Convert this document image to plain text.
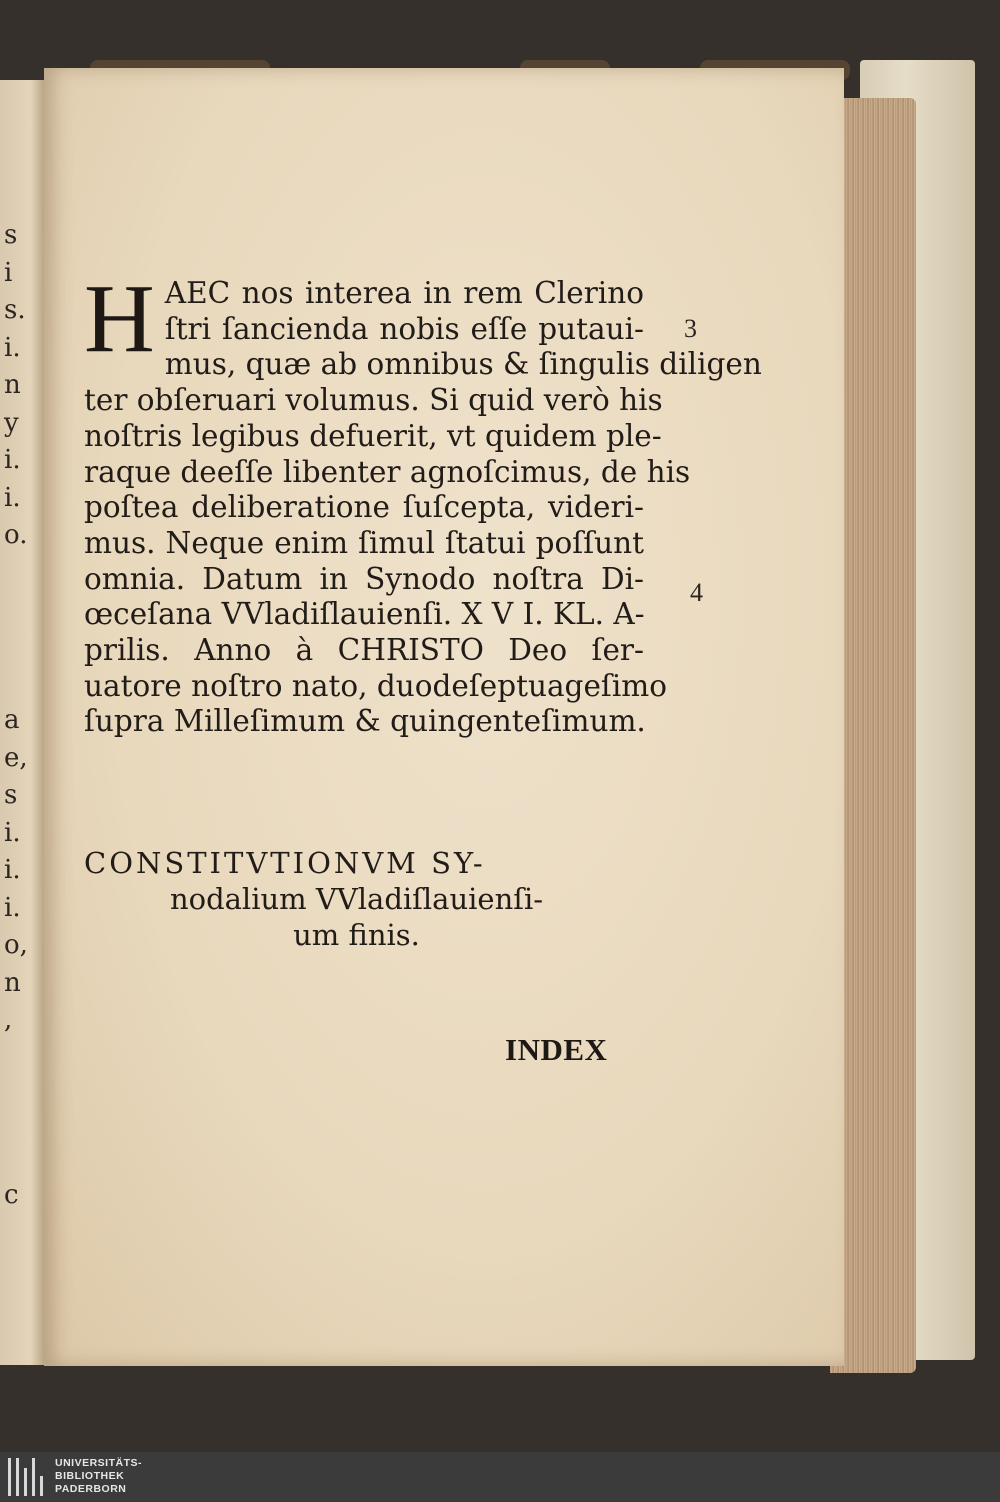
s
i
s.
i.
n
y
i.
i.
o.
a
e,
s
i.
i.
i.
o,
n
,
c

H AEC nos interea in rem Clerino
ſtri ſancienda nobis eſſe putaui-
mus, quæ ab omnibus & ſingulis diligen
ter obſeruari volumus. Si quid verò his
noſtris legibus defuerit, vt quidem ple-
raque deeſſe libenter agnoſcimus, de his
poſtea deliberatione ſuſcepta, videri-
mus. Neque enim ſimul ſtatui poſſunt
omnia. Datum in Synodo noſtra Di-
œceſana VVladiſlauienſi. X V I. KL. A-
prilis. Anno à CHRISTO Deo ſer-
uatore noſtro nato, duodeſeptuageſimo
ſupra Milleſimum & quingenteſimum.
3
4
CONSTITVTIONVM SY-
nodalium VVladiſlauienſi-
um finis.
INDEX
UNIVERSITÄTS-
BIBLIOTHEK
PADERBORN
